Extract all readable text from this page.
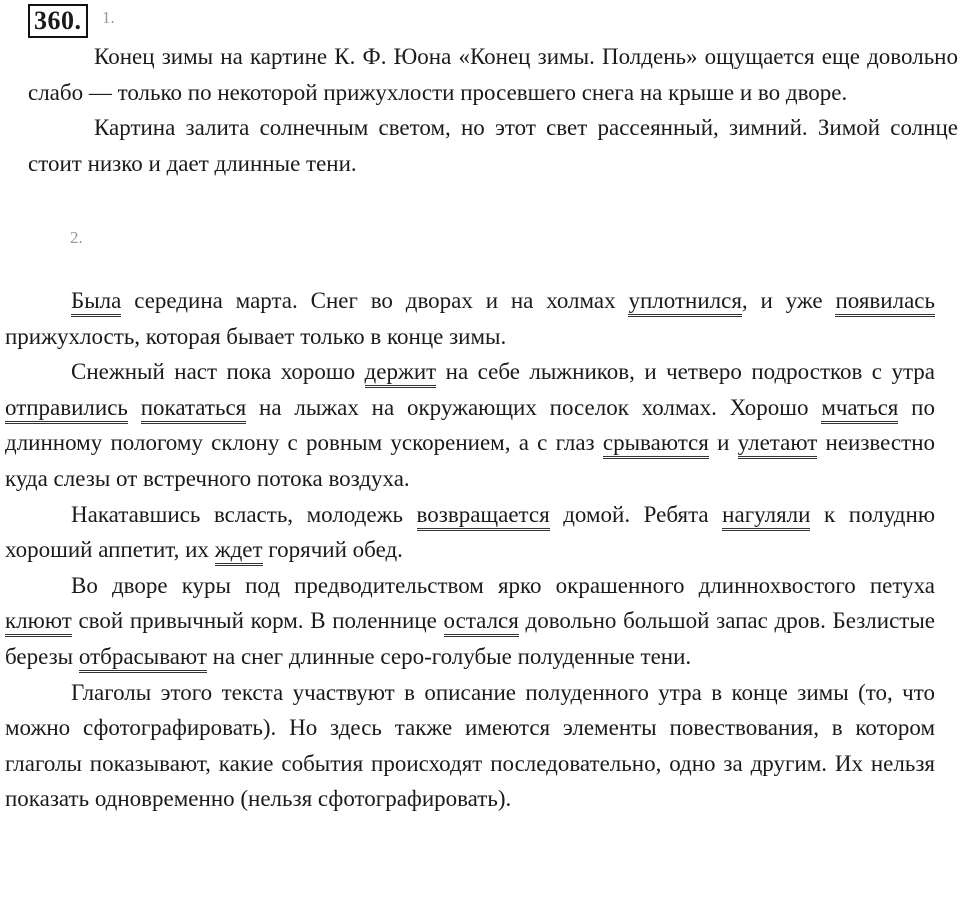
360.	1.

Конец зимы на картине К. Ф. Юона «Конец зимы. Полдень» ощущается еще довольно слабо — только по некоторой прижухлости просевшего снега на крыше и во дворе.

Картина залита солнечным светом, но этот свет рассеянный, зимний. Зимой солнце стоит низко и дает длинные тени.

2.

Была середина марта. Снег во дворах и на холмах уплотнился, и уже появилась прижухлость, которая бывает только в конце зимы.

Снежный наст пока хорошо держит на себе лыжников, и четверо подростков с утра отправились покататься на лыжах на окружающих поселок холмах. Хорошо мчаться по длинному пологому склону с ровным ускорением, а с глаз срываются и улетают неизвестно куда слезы от встречного потока воздуха.

Накатавшись всласть, молодежь возвращается домой. Ребята нагуляли к полудню хороший аппетит, их ждет горячий обед.

Во дворе куры под предводительством ярко окрашенного длиннохвостого петуха клюют свой привычный корм. В поленнице остался довольно большой запас дров. Безлистые березы отбрасывают на снег длинные серо-голубые полуденные тени.

Глаголы этого текста участвуют в описание полуденного утра в конце зимы (то, что можно сфотографировать). Но здесь также имеются элементы повествования, в котором глаголы показывают, какие события происходят последовательно, одно за другим. Их нельзя показать одновременно (нельзя сфотографировать).
